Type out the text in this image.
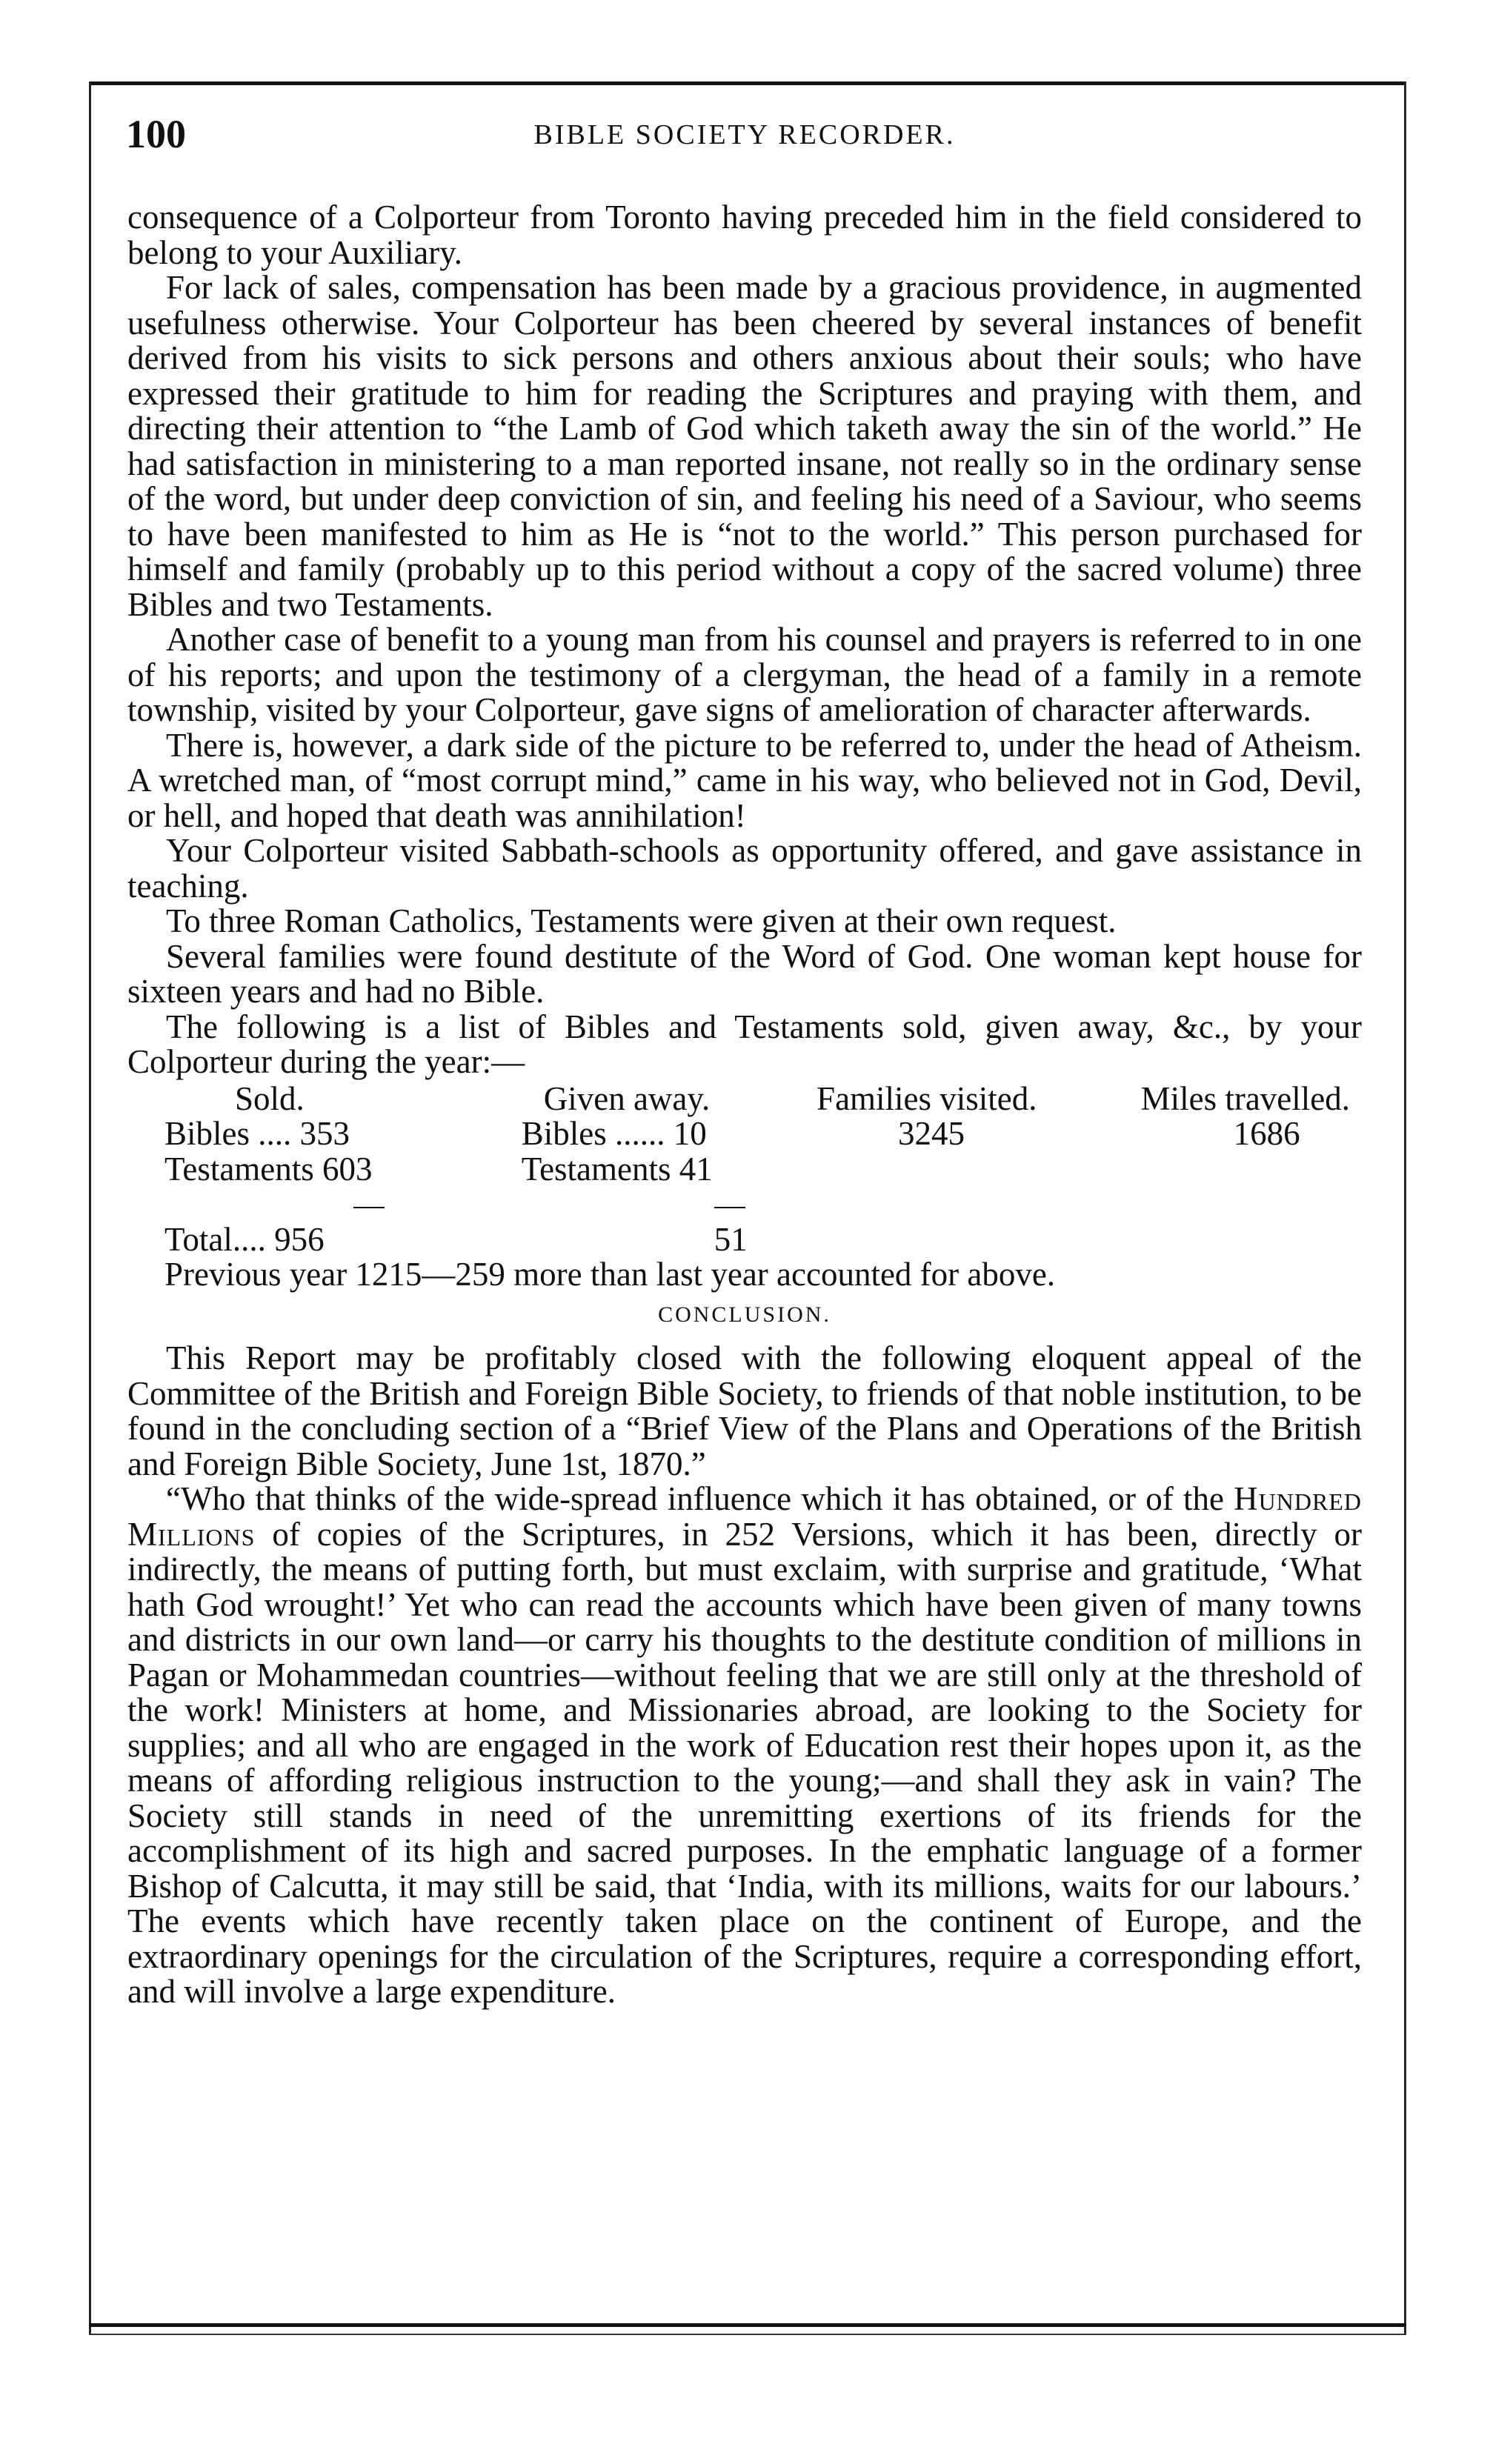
100	BIBLE SOCIETY RECORDER.

consequence of a Colporteur from Toronto having preceded him in the field considered to belong to your Auxiliary.

For lack of sales, compensation has been made by a gracious providence, in augmented usefulness otherwise. Your Colporteur has been cheered by several instances of benefit derived from his visits to sick persons and others anxious about their souls; who have expressed their gratitude to him for reading the Scriptures and praying with them, and directing their attention to “the Lamb of God which taketh away the sin of the world.” He had satisfaction in ministering to a man reported insane, not really so in the ordinary sense of the word, but under deep conviction of sin, and feeling his need of a Saviour, who seems to have been manifested to him as He is “not to the world.” This person purchased for himself and family (probably up to this period without a copy of the sacred volume) three Bibles and two Testaments.

Another case of benefit to a young man from his counsel and prayers is referred to in one of his reports; and upon the testimony of a clergyman, the head of a family in a remote township, visited by your Colporteur, gave signs of amelioration of character afterwards.

There is, however, a dark side of the picture to be referred to, under the head of Atheism. A wretched man, of “most corrupt mind,” came in his way, who believed not in God, Devil, or hell, and hoped that death was annihilation!

Your Colporteur visited Sabbath-schools as opportunity offered, and gave assistance in teaching.

To three Roman Catholics, Testaments were given at their own request.

Several families were found destitute of the Word of God. One woman kept house for sixteen years and had no Bible.

The following is a list of Bibles and Testaments sold, given away, &c., by your Colporteur during the year:—

Sold.	Given away.	Families visited.	Miles travelled.
Bibles .... 353	Bibles ...... 10	3245	1686
Testaments 603	Testaments 41		

Total.... 956	51		

Previous year 1215—259 more than last year accounted for above.

CONCLUSION.

This Report may be profitably closed with the following eloquent appeal of the Committee of the British and Foreign Bible Society, to friends of that noble institution, to be found in the concluding section of a “Brief View of the Plans and Operations of the British and Foreign Bible Society, June 1st, 1870.”

“Who that thinks of the wide-spread influence which it has obtained, or of the Hundred Millions of copies of the Scriptures, in 252 Versions, which it has been, directly or indirectly, the means of putting forth, but must exclaim, with surprise and gratitude, ‘What hath God wrought!’ Yet who can read the accounts which have been given of many towns and districts in our own land—or carry his thoughts to the destitute condition of millions in Pagan or Mohammedan countries—without feeling that we are still only at the threshold of the work! Ministers at home, and Missionaries abroad, are looking to the Society for supplies; and all who are engaged in the work of Education rest their hopes upon it, as the means of affording religious instruction to the young;—and shall they ask in vain? The Society still stands in need of the unremitting exertions of its friends for the accomplishment of its high and sacred purposes. In the emphatic language of a former Bishop of Calcutta, it may still be said, that ‘India, with its millions, waits for our labours.’ The events which have recently taken place on the continent of Europe, and the extraordinary openings for the circulation of the Scriptures, require a corresponding effort, and will involve a large expenditure.
